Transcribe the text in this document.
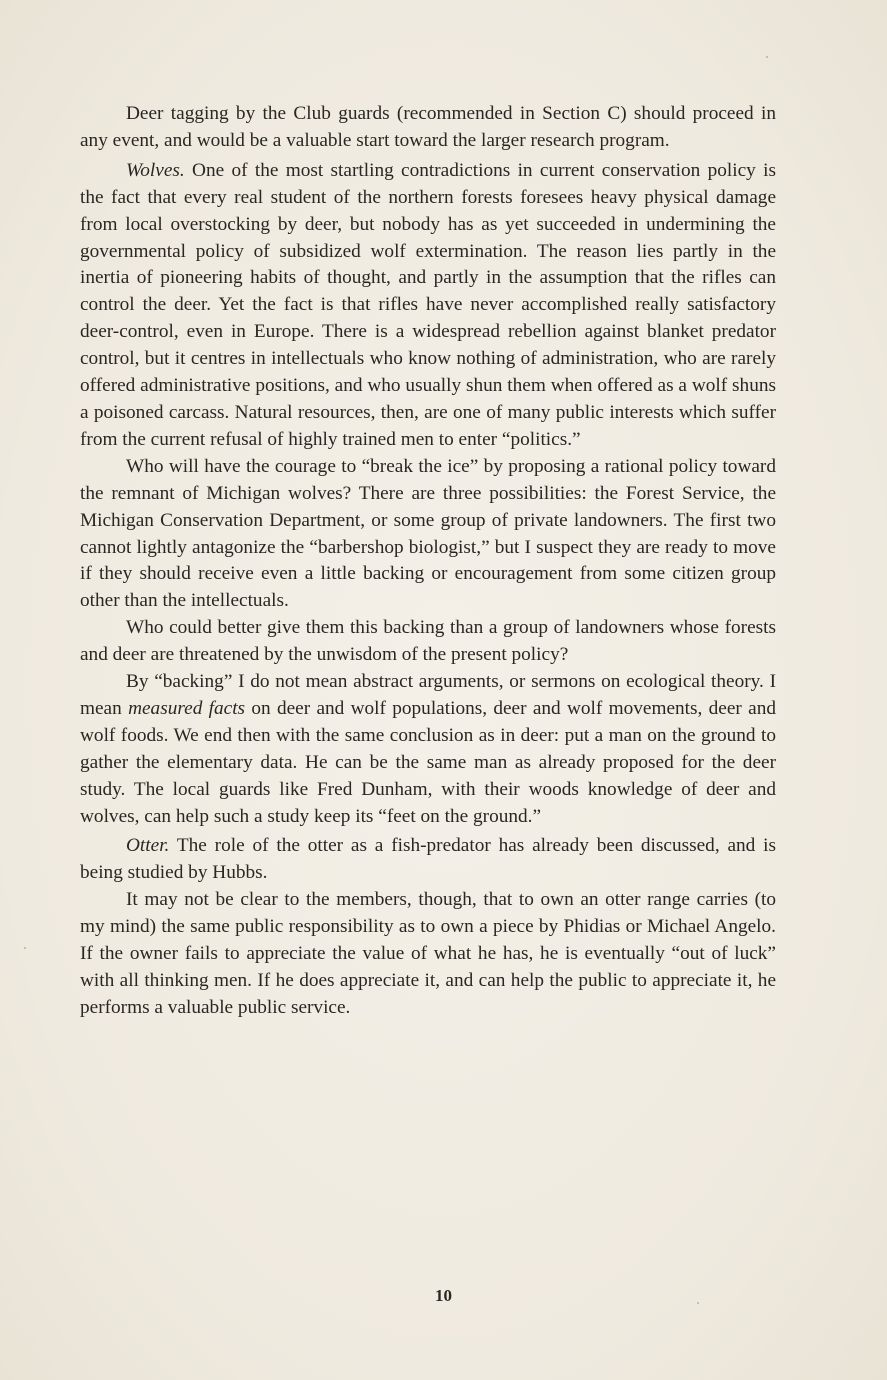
Deer tagging by the Club guards (recommended in Section C) should proceed in any event, and would be a valuable start toward the larger research program.

Wolves. One of the most startling contradictions in current conservation policy is the fact that every real student of the northern forests foresees heavy physical damage from local overstocking by deer, but nobody has as yet succeeded in undermining the governmental policy of subsidized wolf extermination. The reason lies partly in the inertia of pioneering habits of thought, and partly in the assumption that the rifles can control the deer. Yet the fact is that rifles have never accomplished really satisfactory deer-control, even in Europe. There is a widespread rebellion against blanket predator control, but it centres in intellectuals who know nothing of administration, who are rarely offered administrative positions, and who usually shun them when offered as a wolf shuns a poisoned carcass. Natural resources, then, are one of many public interests which suffer from the current refusal of highly trained men to enter “politics.”

Who will have the courage to “break the ice” by proposing a rational policy toward the remnant of Michigan wolves? There are three possibilities: the Forest Service, the Michigan Conservation Department, or some group of private landowners. The first two cannot lightly antagonize the “barbershop biologist,” but I suspect they are ready to move if they should receive even a little backing or encouragement from some citizen group other than the intellectuals.

Who could better give them this backing than a group of landowners whose forests and deer are threatened by the unwisdom of the present policy?

By “backing” I do not mean abstract arguments, or sermons on ecological theory. I mean measured facts on deer and wolf populations, deer and wolf movements, deer and wolf foods. We end then with the same conclusion as in deer: put a man on the ground to gather the elementary data. He can be the same man as already proposed for the deer study. The local guards like Fred Dunham, with their woods knowledge of deer and wolves, can help such a study keep its “feet on the ground.”

Otter. The role of the otter as a fish-predator has already been discussed, and is being studied by Hubbs.

It may not be clear to the members, though, that to own an otter range carries (to my mind) the same public responsibility as to own a piece by Phidias or Michael Angelo. If the owner fails to appreciate the value of what he has, he is eventually “out of luck” with all thinking men. If he does appreciate it, and can help the public to appreciate it, he performs a valuable public service.

10
